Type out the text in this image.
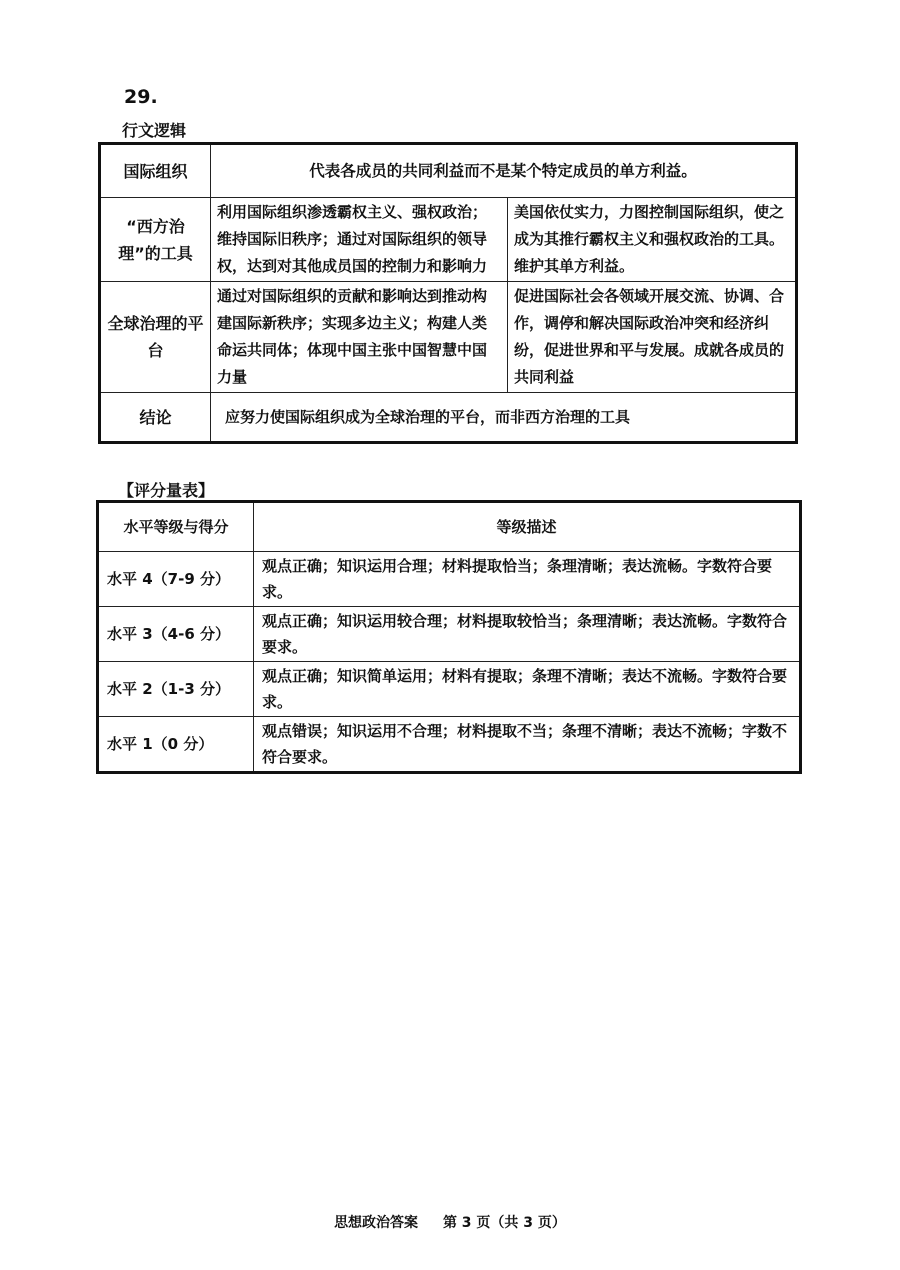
29.
行文逻辑
国际组织	代表各成员的共同利益而不是某个特定成员的单方利益。	
“西方治理”的工具	利用国际组织渗透霸权主义、强权政治；维持国际旧秩序；通过对国际组织的领导权，达到对其他成员国的控制力和影响力	美国依仗实力，力图控制国际组织，使之成为其推行霸权主义和强权政治的工具。维护其单方利益。
全球治理的平台	通过对国际组织的贡献和影响达到推动构建国际新秩序；实现多边主义；构建人类命运共同体；体现中国主张中国智慧中国力量	促进国际社会各领域开展交流、协调、合作，调停和解决国际政治冲突和经济纠纷，促进世界和平与发展。成就各成员的共同利益
结论	应努力使国际组织成为全球治理的平台，而非西方治理的工具	
【评分量表】
水平等级与得分	等级描述
水平 4（7-9 分）	观点正确；知识运用合理；材料提取恰当；条理清晰；表达流畅。字数符合要求。
水平 3（4-6 分）	观点正确；知识运用较合理；材料提取较恰当；条理清晰；表达流畅。字数符合要求。
水平 2（1-3 分）	观点正确；知识简单运用；材料有提取；条理不清晰；表达不流畅。字数符合要求。
水平 1（0 分）	观点错误；知识运用不合理；材料提取不当；条理不清晰；表达不流畅；字数不符合要求。
思想政治答案 第 3 页（共 3 页）
